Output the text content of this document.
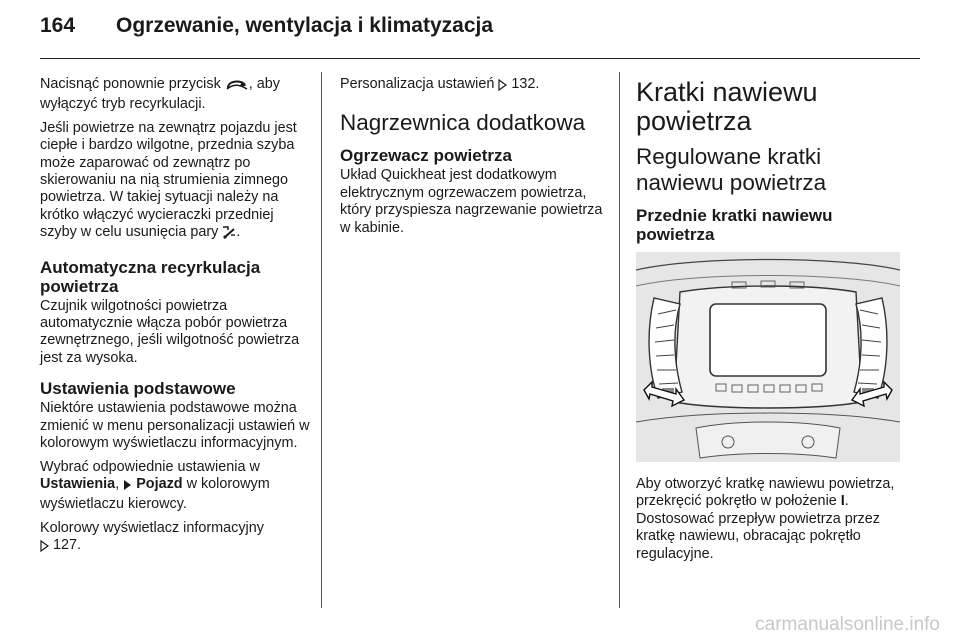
164 Ogrzewanie, wentylacja i klimatyzacja

Nacisnąć ponownie przycisk , aby wyłączyć tryb recyrkulacji.

Jeśli powietrze na zewnątrz pojazdu jest ciepłe i bardzo wilgotne, przednia szyba może zaparować od zewnątrz po skierowaniu na nią strumienia zimnego powietrza. W takiej sytuacji należy na krótko włączyć wycieraczki przedniej szyby w celu usunięcia pary .

Automatyczna recyrkulacja powietrza

Czujnik wilgotności powietrza automatycznie włącza pobór powietrza zewnętrznego, jeśli wilgotność powietrza jest za wysoka.

Ustawienia podstawowe

Niektóre ustawienia podstawowe można zmienić w menu personalizacji ustawień w kolorowym wyświetlaczu informacyjnym.

Wybrać odpowiednie ustawienia w Ustawienia,  Pojazd w kolorowym wyświetlaczu kierowcy.

Kolorowy wyświetlacz informacyjny
127.

Personalizacja ustawień  132.

Nagrzewnica dodatkowa
Ogrzewacz powietrza

Układ Quickheat jest dodatkowym elektrycznym ogrzewaczem powietrza, który przyspiesza nagrzewanie powietrza w kabinie.

Kratki nawiewu powietrza
Regulowane kratki nawiewu powietrza
Przednie kratki nawiewu powietrza

Aby otworzyć kratkę nawiewu powietrza, przekręcić pokrętło w położenie I. Dostosować przepływ powietrza przez kratkę nawiewu, obracając pokrętło regulacyjne.

carmanualsonline.info
